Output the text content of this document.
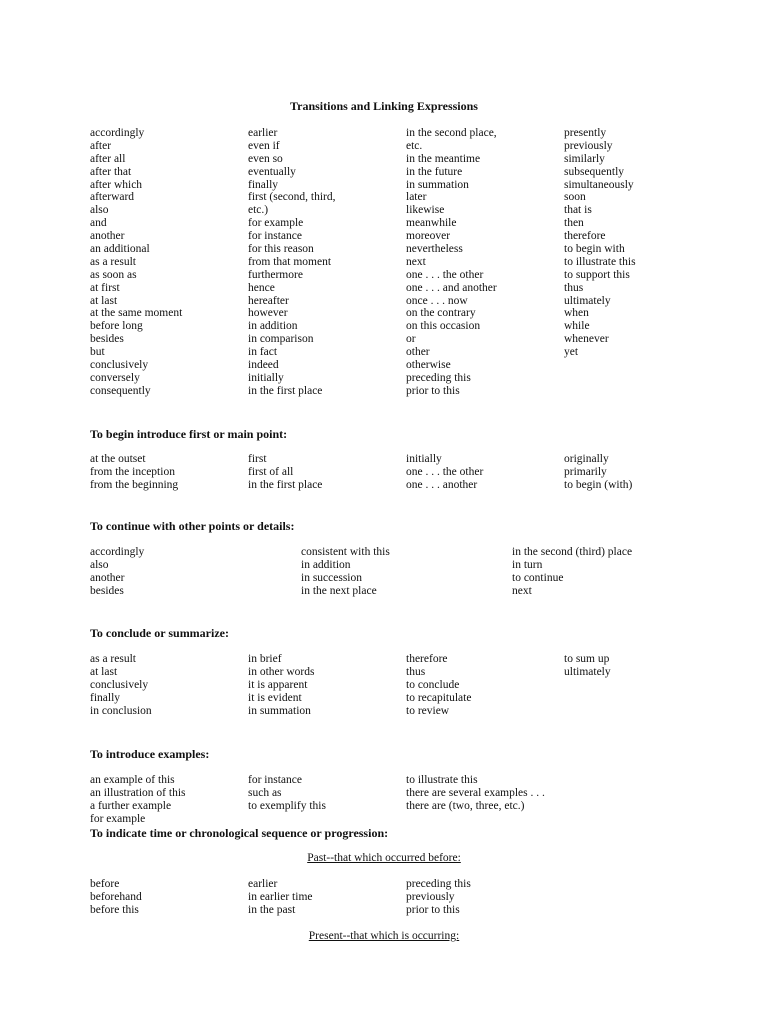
Transitions and Linking Expressions
accordingly
after
after all
after that
after which
afterward
also
and
another
an additional
as a result
as soon as
at first
at last
at the same moment
before long
besides
but
conclusively
conversely
consequently
earlier
even if
even so
eventually
finally
first (second, third,
etc.)
for example
for instance
for this reason
from that moment
furthermore
hence
hereafter
however
in addition
in comparison
in fact
indeed
initially
in the first place
in the second place,
etc.
in the meantime
in the future
in summation
later
likewise
meanwhile
moreover
nevertheless
next
one . . . the other
one . . . and another
once . . . now
on the contrary
on this occasion
or
other
otherwise
preceding this
prior to this
presently
previously
similarly
subsequently
simultaneously
soon
that is
then
therefore
to begin with
to illustrate this
to support this
thus
ultimately
when
while
whenever
yet
To begin introduce first or main point:
at the outset
from the inception
from the beginning
first
first of all
in the first place
initially
one . . . the other
one . . . another
originally
primarily
to begin (with)
To continue with other points or details:
accordingly
also
another
besides
consistent with this
in addition
in succession
in the next place
in the second (third) place
in turn
to continue
next
To conclude or summarize:
as a result
at last
conclusively
finally
in conclusion
in brief
in other words
it is apparent
it is evident
in summation
therefore
thus
to conclude
to recapitulate
to review
to sum up
ultimately
To introduce examples:
an example of this
an illustration of this
a further example
for example
for instance
such as
to exemplify this
to illustrate this
there are several examples . . .
there are (two, three, etc.)
To indicate time or chronological sequence or progression:
Past--that which occurred before:
before
beforehand
before this
earlier
in earlier time
in the past
preceding this
previously
prior to this
Present--that which is occurring:
